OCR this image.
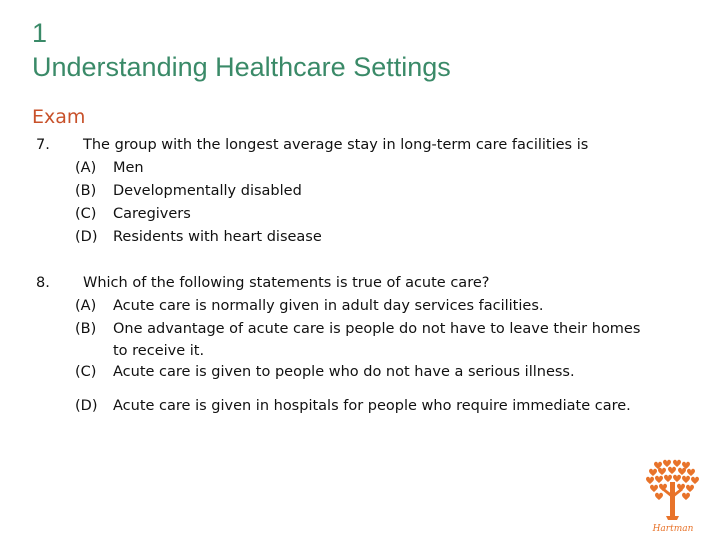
1
Understanding Healthcare Settings
Exam
7. The group with the longest average stay in long-term care facilities is
(A) Men
(B) Developmentally disabled
(C) Caregivers
(D) Residents with heart disease
8. Which of the following statements is true of acute care?
(A) Acute care is normally given in adult day services facilities.
(B) One advantage of acute care is people do not have to leave their homes
to receive it.
(C) Acute care is given to people who do not have a serious illness.
(D) Acute care is given in hospitals for people who require immediate care.
Hartman
